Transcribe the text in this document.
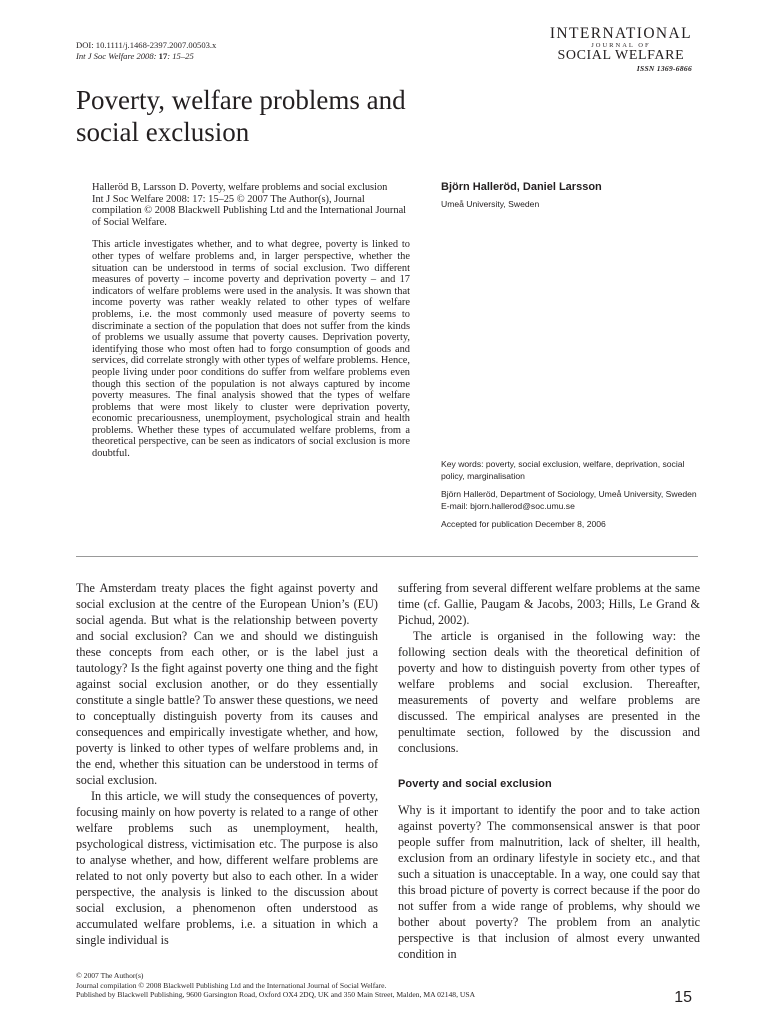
DOI: 10.1111/j.1468-2397.2007.00503.x
Int J Soc Welfare 2008: 17: 15–25
INTERNATIONAL
JOURNAL OF
SOCIAL WELFARE
ISSN 1369-6866
Poverty, welfare problems and
social exclusion

Halleröd B, Larsson D. Poverty, welfare problems and social exclusion
Int J Soc Welfare 2008: 17: 15–25 © 2007 The Author(s), Journal compilation © 2008 Blackwell Publishing Ltd and the International Journal of Social Welfare.

This article investigates whether, and to what degree, poverty is linked to other types of welfare problems and, in larger perspective, whether the situation can be understood in terms of social exclusion. Two different measures of poverty – income poverty and deprivation poverty – and 17 indicators of welfare problems were used in the analysis. It was shown that income poverty was rather weakly related to other types of welfare problems, i.e. the most commonly used measure of poverty seems to discriminate a section of the population that does not suffer from the kinds of problems we usually assume that poverty causes. Deprivation poverty, identifying those who most often had to forgo consumption of goods and services, did correlate strongly with other types of welfare problems. Hence, people living under poor conditions do suffer from welfare problems even though this section of the population is not always captured by income poverty measures. The final analysis showed that the types of welfare problems that were most likely to cluster were deprivation poverty, economic precariousness, unemployment, psychological strain and health problems. Whether these types of accumulated welfare problems, from a theoretical perspective, can be seen as indicators of social exclusion is more doubtful.

Björn Halleröd, Daniel Larsson
Umeå University, Sweden

Key words: poverty, social exclusion, welfare, deprivation, social policy, marginalisation

Björn Halleröd, Department of Sociology, Umeå University, Sweden
E-mail: bjorn.hallerod@soc.umu.se

Accepted for publication December 8, 2006

The Amsterdam treaty places the fight against poverty and social exclusion at the centre of the European Union’s (EU) social agenda. But what is the relationship between poverty and social exclusion? Can we and should we distinguish these concepts from each other, or is the label just a tautology? Is the fight against poverty one thing and the fight against social exclusion another, or do they essentially constitute a single battle? To answer these questions, we need to conceptually distinguish poverty from its causes and consequences and empirically investigate whether, and how, poverty is linked to other types of welfare problems and, in the end, whether this situation can be understood in terms of social exclusion.

In this article, we will study the consequences of poverty, focusing mainly on how poverty is related to a range of other welfare problems such as unemployment, health, psychological distress, victimisation etc. The purpose is also to analyse whether, and how, different welfare problems are related to not only poverty but also to each other. In a wider perspective, the analysis is linked to the discussion about social exclusion, a phenomenon often understood as accumulated welfare problems, i.e. a situation in which a single individual is

suffering from several different welfare problems at the same time (cf. Gallie, Paugam & Jacobs, 2003; Hills, Le Grand & Pichud, 2002).

The article is organised in the following way: the following section deals with the theoretical definition of poverty and how to distinguish poverty from other types of welfare problems and social exclusion. Thereafter, measurements of poverty and welfare problems are discussed. The empirical analyses are presented in the penultimate section, followed by the discussion and conclusions.

Poverty and social exclusion

Why is it important to identify the poor and to take action against poverty? The commonsensical answer is that poor people suffer from malnutrition, lack of shelter, ill health, exclusion from an ordinary lifestyle in society etc., and that such a situation is unacceptable. In a way, one could say that this broad picture of poverty is correct because if the poor do not suffer from a wide range of problems, why should we bother about poverty? The problem from an analytic perspective is that inclusion of almost every unwanted condition in

© 2007 The Author(s)
Journal compilation © 2008 Blackwell Publishing Ltd and the International Journal of Social Welfare.
Published by Blackwell Publishing, 9600 Garsington Road, Oxford OX4 2DQ, UK and 350 Main Street, Malden, MA 02148, USA	15
